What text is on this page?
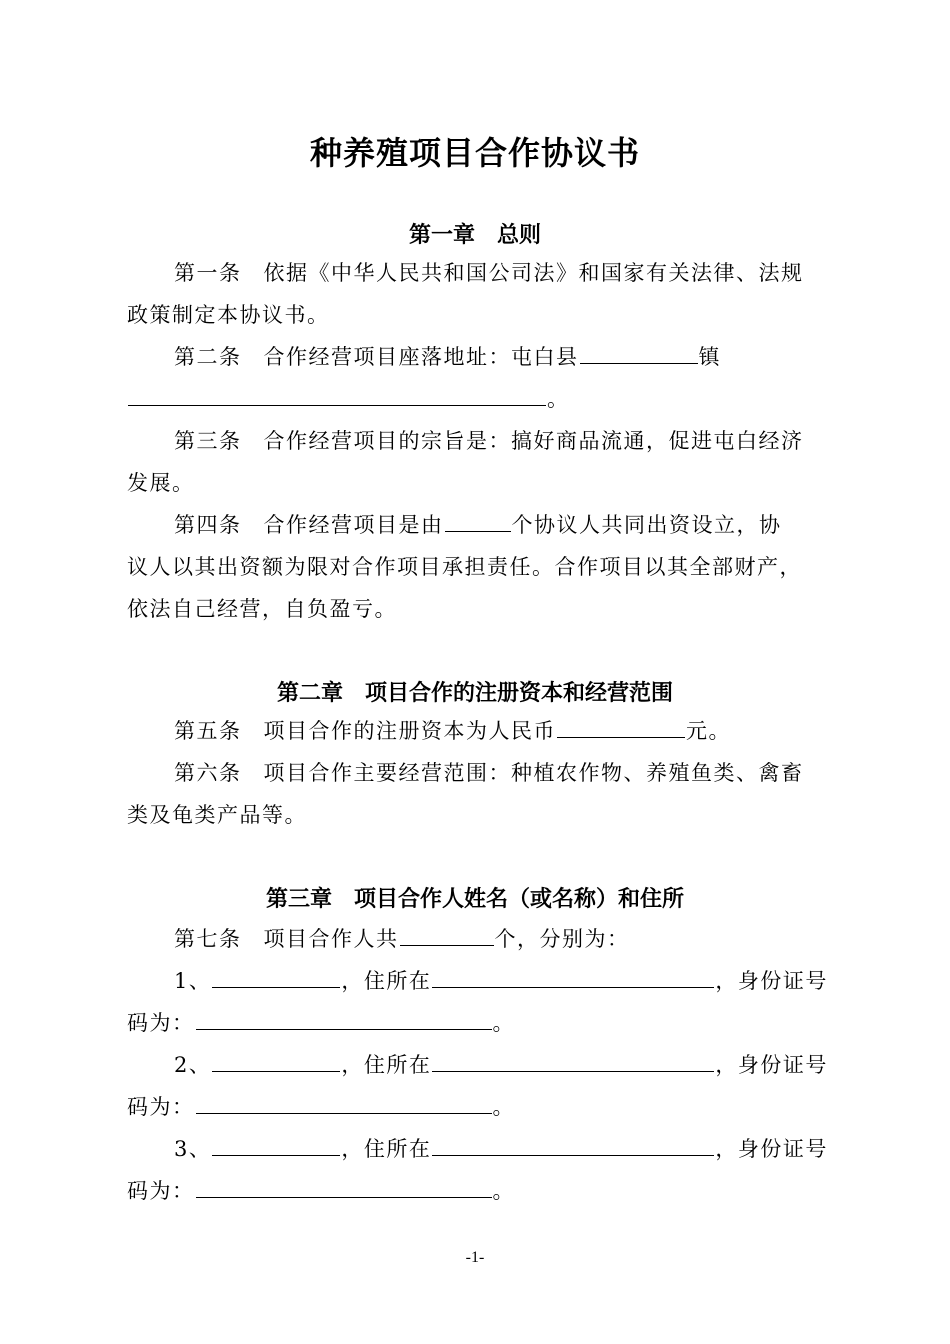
种养殖项目合作协议书
第一章　总则
第一条 依据《中华人民共和国公司法》和国家有关法律、法规
政策制定本协议书。
第二条 合作经营项目座落地址：屯白县	镇
。
第三条 合作经营项目的宗旨是：搞好商品流通，促进屯白经济
发展。
第四条 合作经营项目是由	个协议人共同出资设立，协
议人以其出资额为限对合作项目承担责任。合作项目以其全部财产，
依法自己经营，自负盈亏。
第二章　项目合作的注册资本和经营范围
第五条 项目合作的注册资本为人民币	元。
第六条 项目合作主要经营范围：种植农作物、养殖鱼类、禽畜
类及龟类产品等。
第三章　项目合作人姓名（或名称）和住所
第七条 项目合作人共	个，分别为：
1、	，住所在	，身份证号
码为：	。
2、	，住所在	，身份证号
码为：	。
3、	，住所在	，身份证号
码为：	。
-1-
